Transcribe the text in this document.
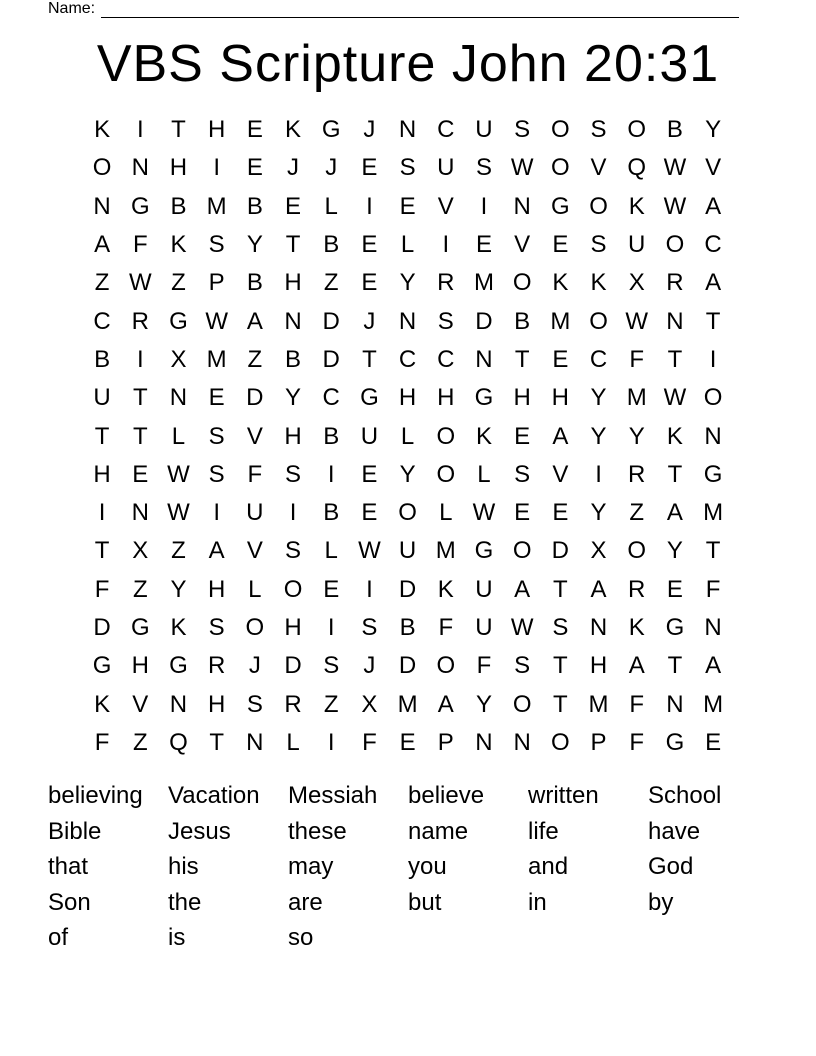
Name:
VBS Scripture John 20:31
K	I	T H E K G J N C U S O S O B Y
O N H	I	E	J	J	E S U S W O V Q W V
N G B M B E L	I	E V	I	N G O K W A
A F K S Y T B E L	I	E V E S U O C
Z W Z P B H Z E Y R M O K K X R A
C R G W A N D J N S D B M O W N T
B	I	X M Z B D T C C N T E C F T	I
U T N E D Y C G H H G H H Y M W O
T T	L S V H B U L O K E A Y Y K N
H E W S F S	I	E Y O L S V	I	R T G
I	N W I	U	I	B E O L W E E Y Z A M
T X Z A V S L W U M G O D X O Y T
F Z Y H L O E	I	D K U A T A R E F
D G K S O H	I	S B F U W S N K G N
G H G R J D S	J D O F S T H A T A
K V N H S R Z X M A Y O T M F N M
F Z Q T N L	I	F E P N N O P F G E
believing	Vacation	Messiah	believe	written	School
Bible	Jesus	these	name	life	have
that	his	may	you	and	God
Son	the	are	but	in	by
of	is	so
